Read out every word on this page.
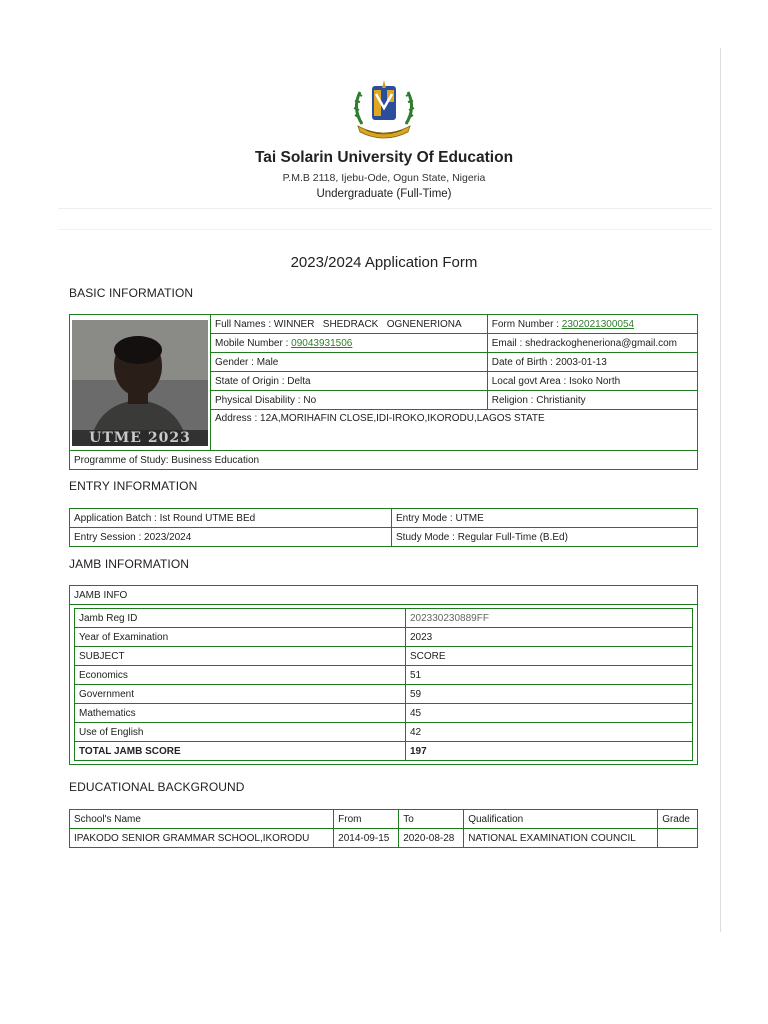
Tai Solarin University Of Education
P.M.B 2118, Ijebu-Ode, Ogun State, Nigeria
Undergraduate (Full-Time)
2023/2024 Application Form
BASIC INFORMATION
UTME 2023	Full Names : WINNER   SHEDRACK   OGNENERIONA	Form Number : 2302021300054
	Mobile Number : 09043931506	Email : shedrackogheneriona@gmail.com
	Gender : Male	Date of Birth : 2003-01-13
	State of Origin : Delta	Local govt Area : Isoko North
	Physical Disability : No	Religion : Christianity
	Address : 12A,MORIHAFIN CLOSE,IDI-IROKO,IKORODU,LAGOS STATE	
Programme of Study: Business Education		
ENTRY INFORMATION
Application Batch : Ist Round UTME BEd	Entry Mode : UTME
Entry Session : 2023/2024	Study Mode : Regular Full-Time (B.Ed)
JAMB INFORMATION
JAMB INFO

Jamb Reg ID	202330230889FF
Year of Examination	2023
SUBJECT	SCORE
Economics	51
Government	59
Mathematics	45
Use of English	42
TOTAL JAMB SCORE	197
EDUCATIONAL BACKGROUND
School's Name	From	To	Qualification	Grade
IPAKODO SENIOR GRAMMAR SCHOOL,IKORODU	2014-09-15	2020-08-28	NATIONAL EXAMINATION COUNCIL	
